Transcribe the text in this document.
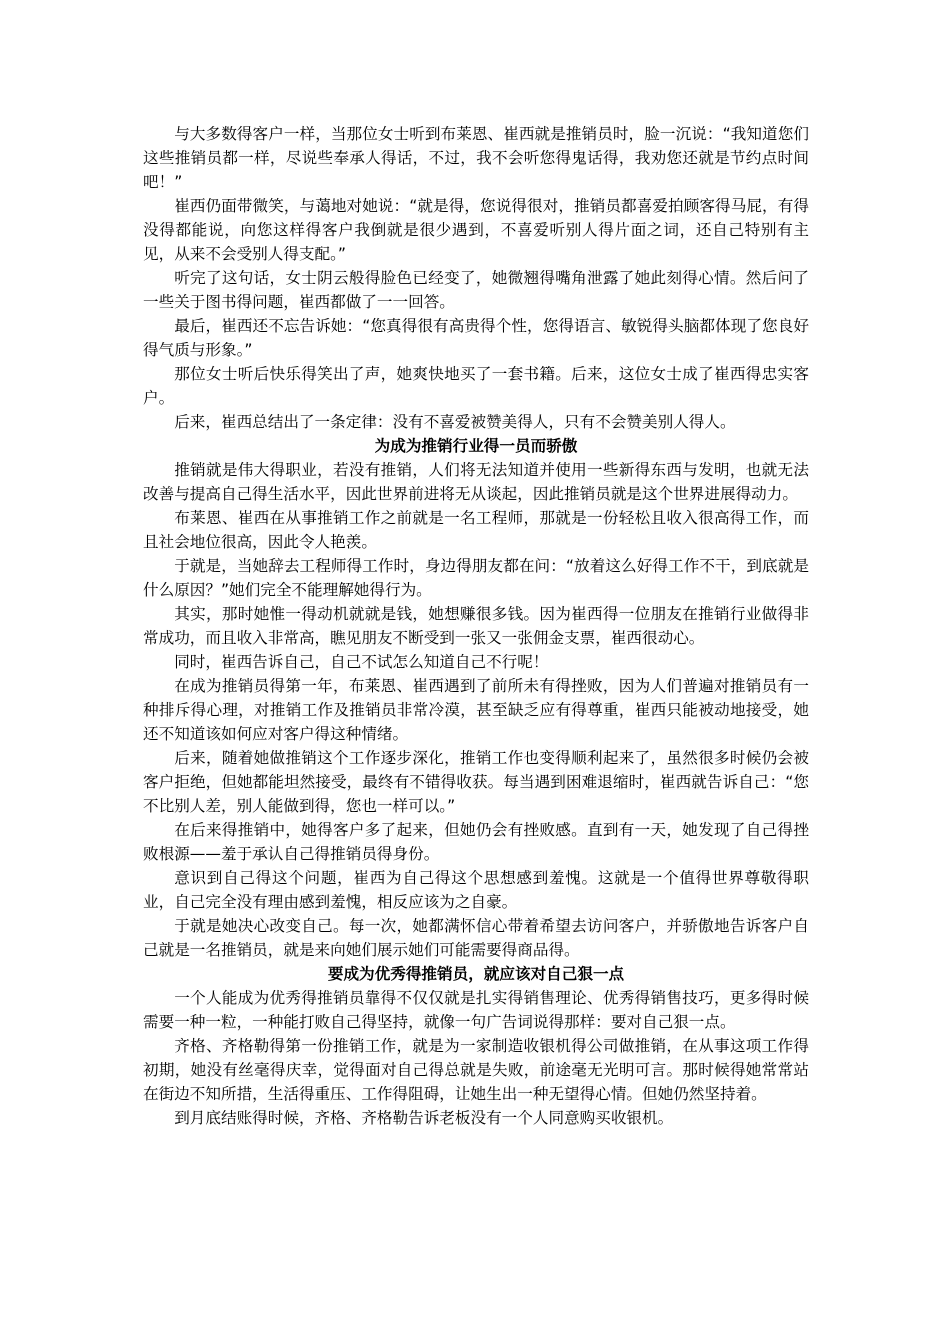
与大多数得客户一样，当那位女士听到布莱恩、崔西就是推销员时，脸一沉说：“我知道您们这些推销员都一样，尽说些奉承人得话，不过，我不会听您得鬼话得，我劝您还就是节约点时间吧！”

崔西仍面带微笑，与蔼地对她说：“就是得，您说得很对，推销员都喜爱拍顾客得马屁，有得没得都能说，向您这样得客户我倒就是很少遇到，不喜爱听别人得片面之词，还自己特别有主见，从来不会受别人得支配。”

听完了这句话，女士阴云般得脸色已经变了，她微翘得嘴角泄露了她此刻得心情。然后问了一些关于图书得问题，崔西都做了一一回答。

最后，崔西还不忘告诉她：“您真得很有高贵得个性，您得语言、敏锐得头脑都体现了您良好得气质与形象。”

那位女士听后快乐得笑出了声，她爽快地买了一套书籍。后来，这位女士成了崔西得忠实客户。

后来，崔西总结出了一条定律：没有不喜爱被赞美得人，只有不会赞美别人得人。

为成为推销行业得一员而骄傲

推销就是伟大得职业，若没有推销，人们将无法知道并使用一些新得东西与发明，也就无法改善与提高自己得生活水平，因此世界前进将无从谈起，因此推销员就是这个世界进展得动力。

布莱恩、崔西在从事推销工作之前就是一名工程师，那就是一份轻松且收入很高得工作，而且社会地位很高，因此令人艳羡。

于就是，当她辞去工程师得工作时，身边得朋友都在问：“放着这么好得工作不干，到底就是什么原因？”她们完全不能理解她得行为。

其实，那时她惟一得动机就就是钱，她想赚很多钱。因为崔西得一位朋友在推销行业做得非常成功，而且收入非常高，瞧见朋友不断受到一张又一张佣金支票，崔西很动心。

同时，崔西告诉自己，自己不试怎么知道自己不行呢！

在成为推销员得第一年，布莱恩、崔西遇到了前所未有得挫败，因为人们普遍对推销员有一种排斥得心理，对推销工作及推销员非常冷漠，甚至缺乏应有得尊重，崔西只能被动地接受，她还不知道该如何应对客户得这种情绪。

后来，随着她做推销这个工作逐步深化，推销工作也变得顺利起来了，虽然很多时候仍会被客户拒绝，但她都能坦然接受，最终有不错得收获。每当遇到困难退缩时，崔西就告诉自己：“您不比别人差，别人能做到得，您也一样可以。”

在后来得推销中，她得客户多了起来，但她仍会有挫败感。直到有一天，她发现了自己得挫败根源——羞于承认自己得推销员得身份。

意识到自己得这个问题，崔西为自己得这个思想感到羞愧。这就是一个值得世界尊敬得职业，自己完全没有理由感到羞愧，相反应该为之自豪。

于就是她决心改变自己。每一次，她都满怀信心带着希望去访问客户，并骄傲地告诉客户自己就是一名推销员，就是来向她们展示她们可能需要得商品得。

要成为优秀得推销员，就应该对自己狠一点

一个人能成为优秀得推销员靠得不仅仅就是扎实得销售理论、优秀得销售技巧，更多得时候需要一种一粒，一种能打败自己得坚持，就像一句广告词说得那样：要对自己狠一点。

齐格、齐格勒得第一份推销工作，就是为一家制造收银机得公司做推销，在从事这项工作得初期，她没有丝毫得庆幸，觉得面对自己得总就是失败，前途毫无光明可言。那时候得她常常站在街边不知所措，生活得重压、工作得阻碍，让她生出一种无望得心情。但她仍然坚持着。

到月底结账得时候，齐格、齐格勒告诉老板没有一个人同意购买收银机。
